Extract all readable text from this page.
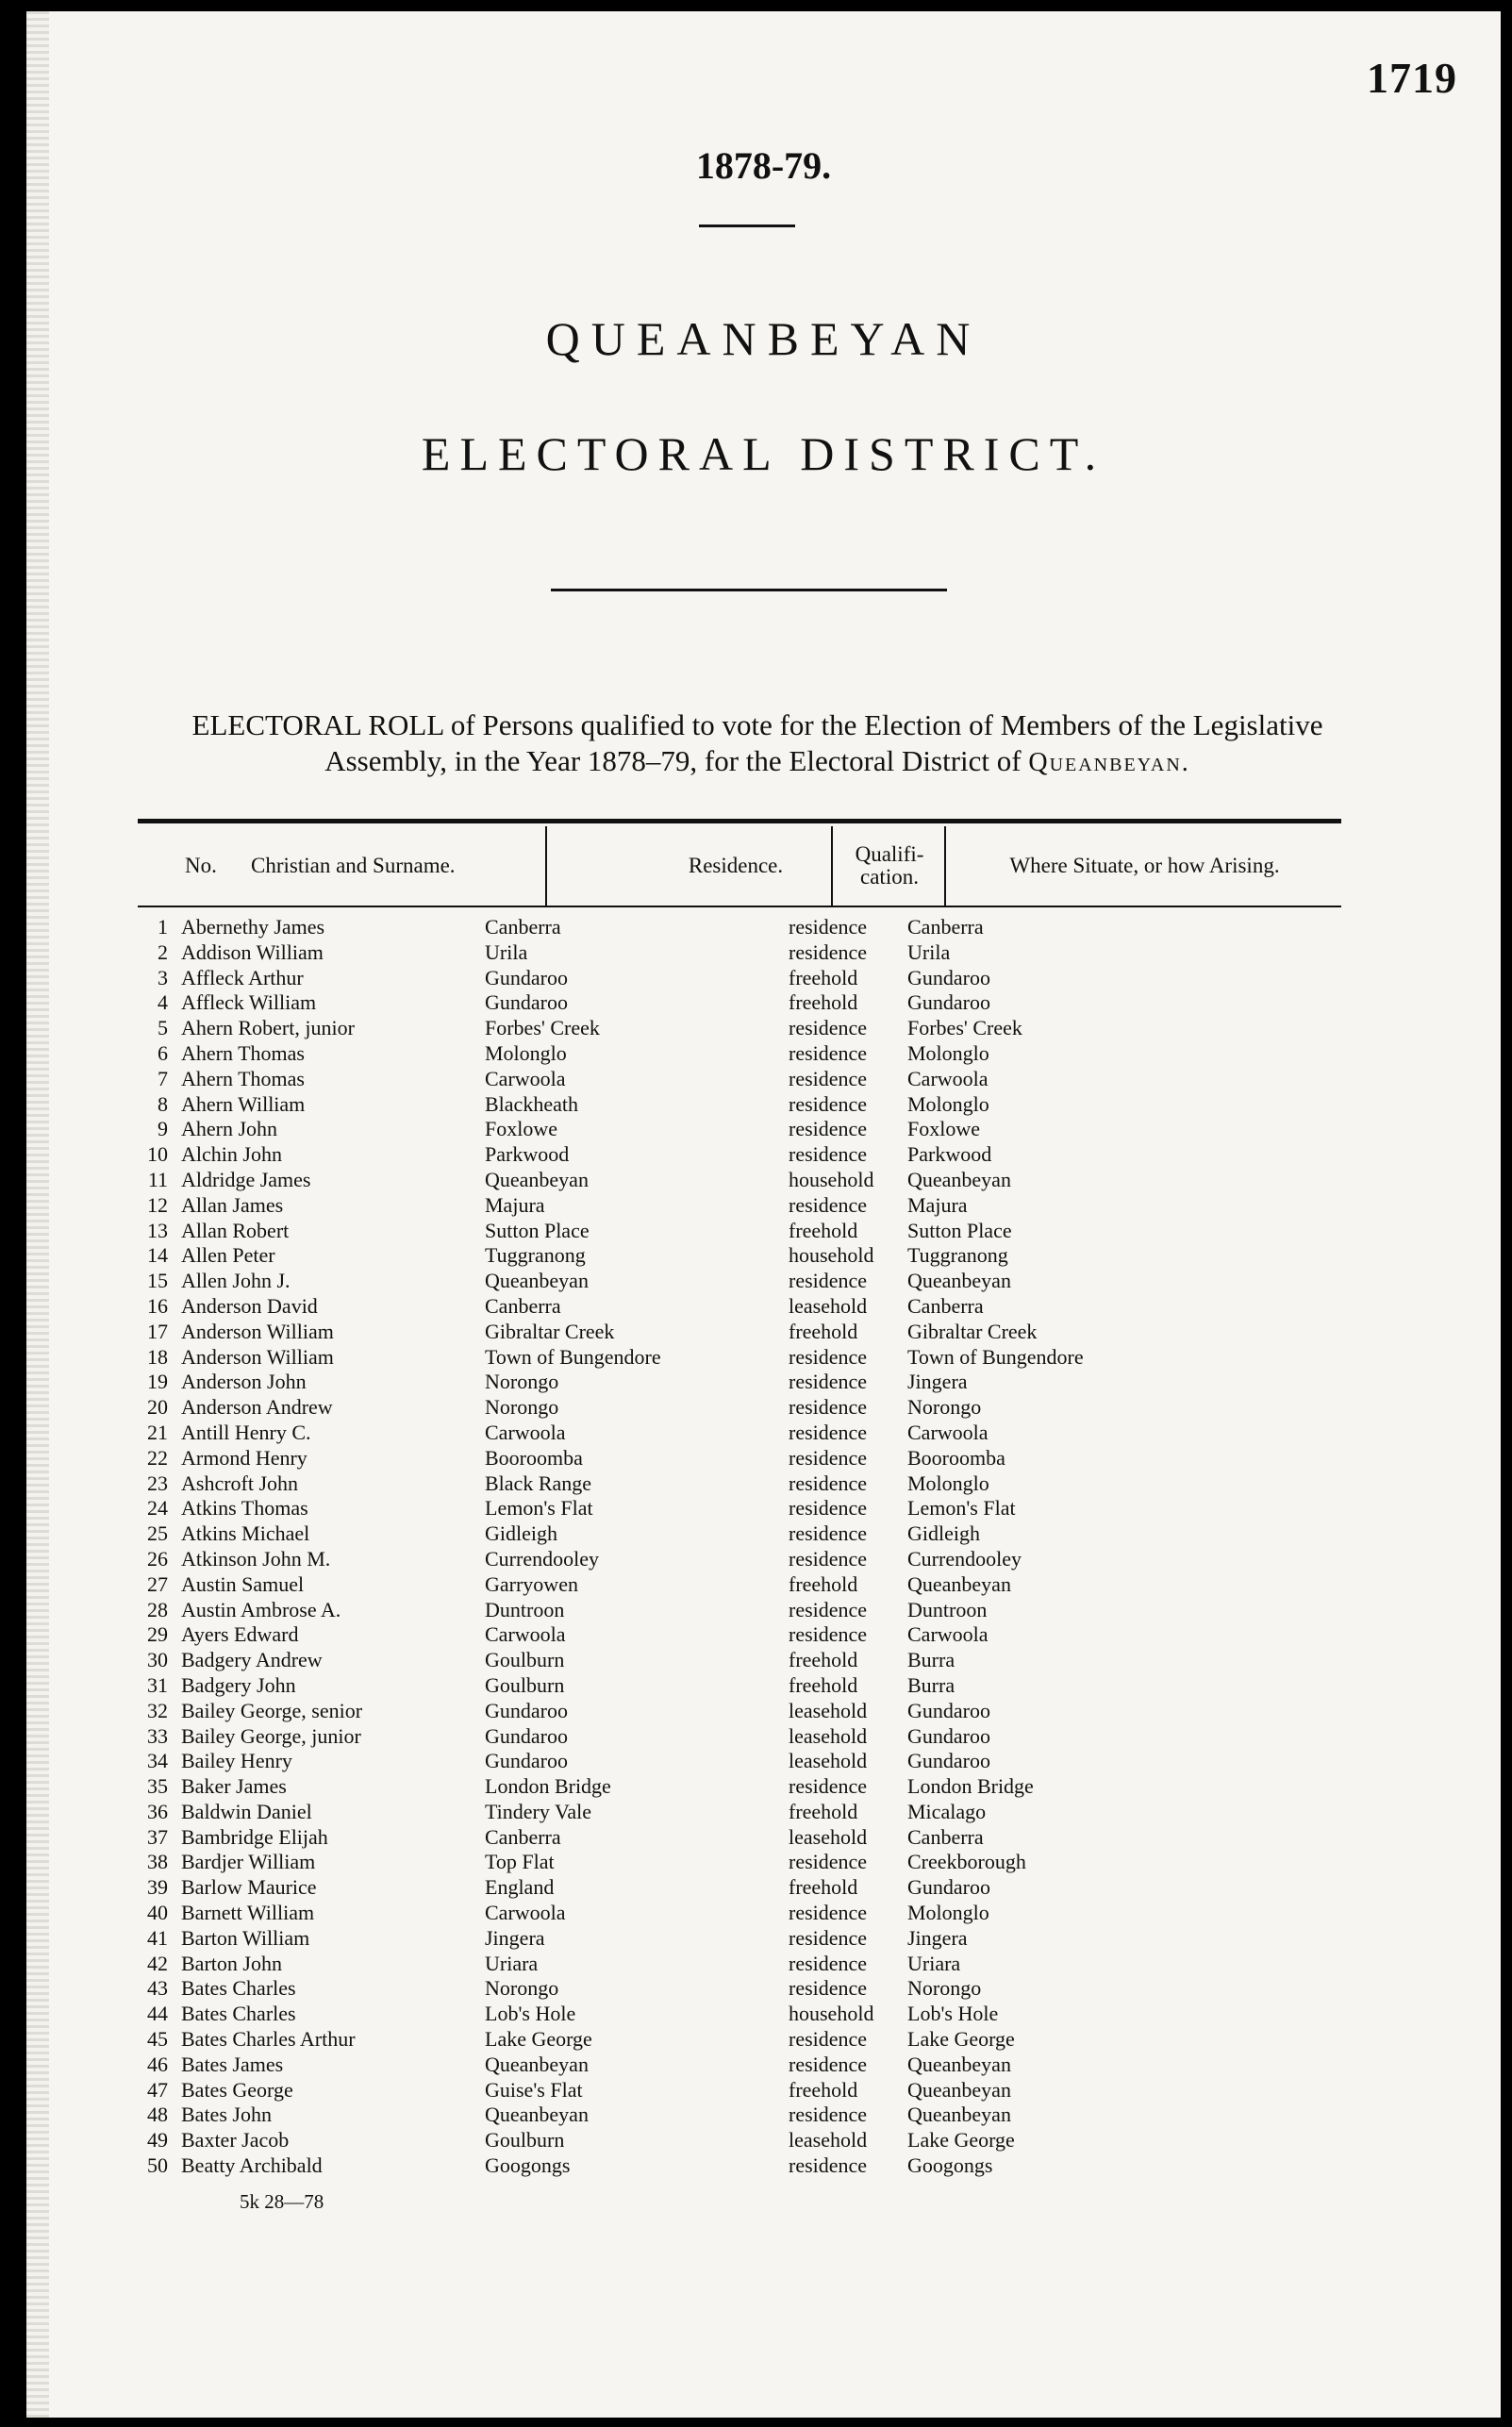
1719
1878-79.
QUEANBEYAN
ELECTORAL DISTRICT.
ELECTORAL ROLL of Persons qualified to vote for the Election of Members of the Legislative Assembly, in the Year 1878–79, for the Electoral District of Queanbeyan.
No. Christian and Surname.	Residence.	Qualifi-cation.	Where Situate, or how Arising.
1 Abernethy James	Canberra	residence Canberra
2 Addison William	Urila	residence Urila
3 Affleck Arthur	Gundaroo	freehold Gundaroo
4 Affleck William	Gundaroo	freehold Gundaroo
5 Ahern Robert, junior	Forbes' Creek	residence Forbes' Creek
6 Ahern Thomas	Molonglo	residence Molonglo
7 Ahern Thomas	Carwoola	residence Carwoola
8 Ahern William	Blackheath	residence Molonglo
9 Ahern John	Foxlowe	residence Foxlowe
10 Alchin John	Parkwood	residence Parkwood
11 Aldridge James	Queanbeyan	household Queanbeyan
12 Allan James	Majura	residence Majura
13 Allan Robert	Sutton Place	freehold Sutton Place
14 Allen Peter	Tuggranong	household Tuggranong
15 Allen John J.	Queanbeyan	residence Queanbeyan
16 Anderson David	Canberra	leasehold Canberra
17 Anderson William	Gibraltar Creek	freehold Gibraltar Creek
18 Anderson William	Town of Bungendore	residence Town of Bungendore
19 Anderson John	Norongo	residence Jingera
20 Anderson Andrew	Norongo	residence Norongo
21 Antill Henry C.	Carwoola	residence Carwoola
22 Armond Henry	Booroomba	residence Booroomba
23 Ashcroft John	Black Range	residence Molonglo
24 Atkins Thomas	Lemon's Flat	residence Lemon's Flat
25 Atkins Michael	Gidleigh	residence Gidleigh
26 Atkinson John M.	Currendooley	residence Currendooley
27 Austin Samuel	Garryowen	freehold Queanbeyan
28 Austin Ambrose A.	Duntroon	residence Duntroon
29 Ayers Edward	Carwoola	residence Carwoola
30 Badgery Andrew	Goulburn	freehold Burra
31 Badgery John	Goulburn	freehold Burra
32 Bailey George, senior	Gundaroo	leasehold Gundaroo
33 Bailey George, junior	Gundaroo	leasehold Gundaroo
34 Bailey Henry	Gundaroo	leasehold Gundaroo
35 Baker James	London Bridge	residence London Bridge
36 Baldwin Daniel	Tindery Vale	freehold Micalago
37 Bambridge Elijah	Canberra	leasehold Canberra
38 Bardjer William	Top Flat	residence Creekborough
39 Barlow Maurice	England	freehold Gundaroo
40 Barnett William	Carwoola	residence Molonglo
41 Barton William	Jingera	residence Jingera
42 Barton John	Uriara	residence Uriara
43 Bates Charles	Norongo	residence Norongo
44 Bates Charles	Lob's Hole	household Lob's Hole
45 Bates Charles Arthur	Lake George	residence Lake George
46 Bates James	Queanbeyan	residence Queanbeyan
47 Bates George	Guise's Flat	freehold Queanbeyan
48 Bates John	Queanbeyan	residence Queanbeyan
49 Baxter Jacob	Goulburn	leasehold Lake George
50 Beatty Archibald	Googongs	residence Googongs
5k 28—78
